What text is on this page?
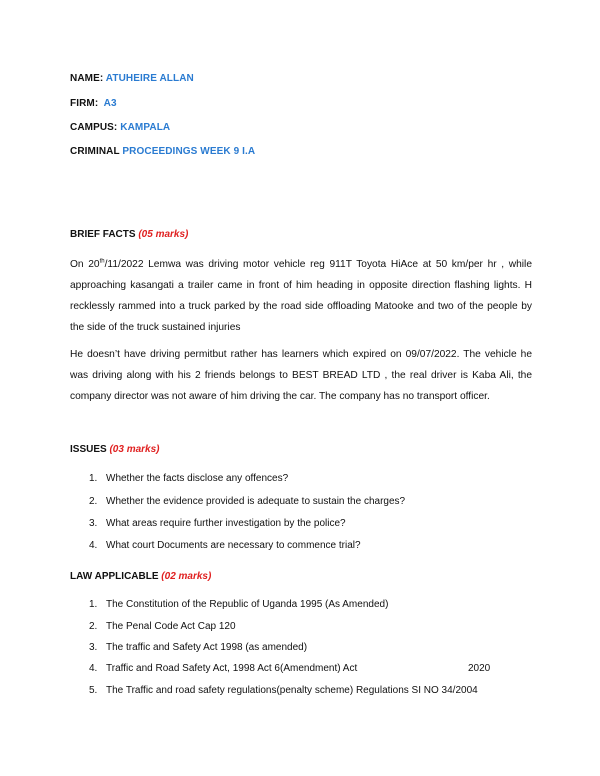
NAME: ATUHEIRE ALLAN
FIRM: A3
CAMPUS: KAMPALA
CRIMINAL PROCEEDINGS WEEK 9 I.A
BRIEF FACTS (05 marks)

On 20th/11/2022 Lemwa was driving motor vehicle reg 911T Toyota HiAce at 50 km/per hr , while approaching kasangati a trailer came in front of him heading in opposite direction flashing lights. H recklessly rammed into a truck parked by the road side offloading Matooke and two of the people by the side of the truck sustained injuries

He doesn’t have driving permitbut rather has learners which expired on 09/07/2022. The vehicle he was driving along with his 2 friends belongs to BEST BREAD LTD , the real driver is Kaba Ali, the company director was not aware of him driving the car. The company has no transport officer.

ISSUES (03 marks)
1. Whether the facts disclose any offences?
2. Whether the evidence provided is adequate to sustain the charges?
3. What areas require further investigation by the police?
4. What court Documents are necessary to commence trial?
LAW APPLICABLE (02 marks)
1. The Constitution of the Republic of Uganda 1995 (As Amended)
2. The Penal Code Act Cap 120
3. The traffic and Safety Act 1998 (as amended)
4. Traffic and Road Safety Act, 1998 Act 6(Amendment) Act	2020
5. The Traffic and road safety regulations(penalty scheme) Regulations SI NO 34/2004
